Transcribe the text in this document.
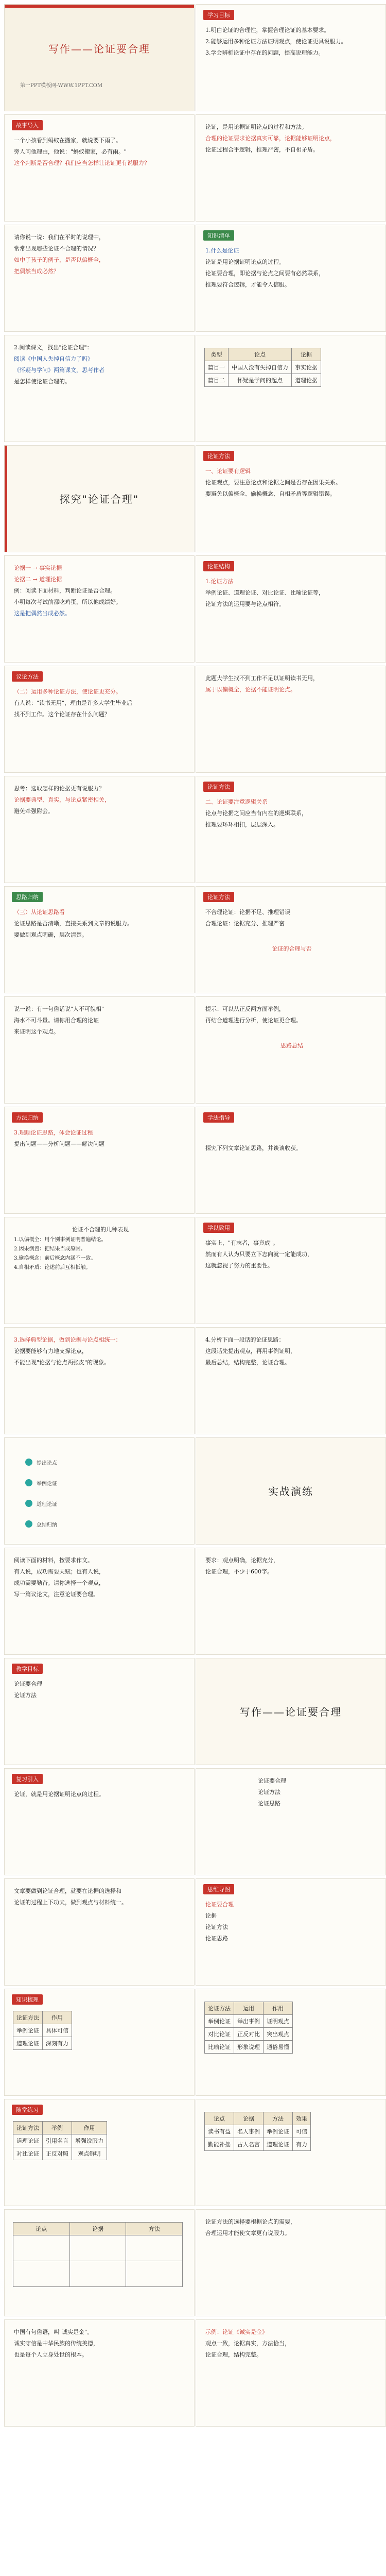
写作——论证要合理
第一PPT模板网-WWW.1PPT.COM
学习目标

1.明白论证的合理性，掌握合理论证的基本要求。

2.能够运用多种论证方法证明观点，使论证更具说服力。

3.学会辨析论证中存在的问题，提高说理能力。

故事导入

一个小孩看到蚂蚁在搬家，就说要下雨了。

旁人问他理由，他说："蚂蚁搬家，必有雨。"

这个判断是否合理？我们应当怎样让论证更有说服力？

论证，是用论据证明论点的过程和方法。

合理的论证要求论据真实可靠，论据能够证明论点，

论证过程合乎逻辑，推理严密，不自相矛盾。

请你说一说：我们在平时的说理中，

常常出现哪些论证不合理的情况？

如中了孩子的例子，是否以偏概全，

把偶然当成必然？

知识清单

1.什么是论证

论证是用论据证明论点的过程。

论证要合理，即论据与论点之间要有必然联系，

推理要符合逻辑，才能令人信服。

2.阅读课文，找出"论证合理"：

阅读《中国人失掉自信力了吗》

《怀疑与学问》两篇课文，思考作者

是怎样使论证合理的。

类型	论点	论据
篇目一	中国人没有失掉自信力	事实论据
篇目二	怀疑是学问的起点	道理论据
探究"论证合理"
论证方法

一、论证要有逻辑

论证观点，要注意论点和论据之间是否存在因果关系。

要避免以偏概全、偷换概念、自相矛盾等逻辑错误。

论据一 → 事实论据

论据二 → 道理论据

例：阅读下面材料，判断论证是否合理。

小明每次考试前都吃鸡蛋，所以他成绩好。

这是把偶然当成必然。

论证结构

1.论证方法

举例论证、道理论证、对比论证、比喻论证等，

论证方法的运用要与论点相符。

议论方法

（二）运用多种论证方法，使论证更充分。

有人说："读书无用"，理由是许多大学生毕业后

找不到工作。这个论证存在什么问题？

此题大学生找不到工作不足以证明读书无用，

属于以偏概全，论据不能证明论点。

思考：选取怎样的论据更有说服力？

论据要典型、真实，与论点紧密相关，

避免牵强附会。

论证方法

二、论证要注意逻辑关系

论点与论据之间应当有内在的逻辑联系，

推理要环环相扣，层层深入。

思路归纳

（三）从论证思路看

论证思路是否清晰，直接关系到文章的说服力。

要做到观点明确，层次清楚。

论证方法

不合理论证：论据不足、推理错误

合理论证：论据充分、推理严密

论证的合理与否

说一说：有一句俗话说"人不可貌相"

海水不可斗量。请你用合理的论证

来证明这个观点。

提示：可以从正反两方面举例，

再结合道理进行分析，使论证更合理。

思路总结

方法归纳

3.理顺论证思路，体会论证过程

提出问题——分析问题——解决问题

学法指导

探究下列文章论证思路，并谈谈收获。

论证不合理的几种表现

1.以偏概全：用个别事例证明普遍结论。

2.因果倒置：把结果当成原因。

3.偷换概念：前后概念内涵不一致。

4.自相矛盾：论述前后互相抵触。

学以致用

事实上，"有志者，事竟成"。

然而有人认为只要立下志向就一定能成功，

这就忽视了努力的重要性。

3.选择典型论据，做到论据与论点相统一：

论据要能够有力地支撑论点，

不能出现"论据与论点两张皮"的现象。

4.分析下面一段话的论证思路：

这段话先提出观点，再用事例证明，

最后总结，结构完整，论证合理。

提出论点
举例论证
道理论证
总结归纳
实战演练

阅读下面的材料，按要求作文。

有人说，成功需要天赋；也有人说，

成功需要勤奋。请你选择一个观点，

写一篇议论文，注意论证要合理。

要求：观点明确，论据充分，

论证合理，不少于600字。

教学目标

论证要合理

论证方法

写作——论证要合理
复习引入

论证，就是用论据证明论点的过程。

论证要合理

论证方法

论证思路

文章要做到论证合理，就要在论据的选择和

论证的过程上下功夫，做到观点与材料统一。

思维导图

论证要合理

论据

论证方法

论证思路

知识梳理
论证方法	作用
举例论证	具体可信
道理论证	深刻有力
论证方法	运用	作用
举例论证	举出事例	证明观点
对比论证	正反对比	突出观点
比喻论证	形象说理	通俗易懂
随堂练习
论证方法	举例	作用
道理论证	引用名言	增强说服力
对比论证	正反对照	观点鲜明
论点	论据	方法	效果
读书有益	名人事例	举例论证	可信
勤能补拙	古人名言	道理论证	有力
论点	论据	方法

论证方法的选择要根据论点的需要，

合理运用才能使文章更有说服力。

中国有句俗语，叫"诚实是金"。

诚实守信是中华民族的传统美德，

也是每个人立身处世的根本。

示例：论证《诚实是金》

观点一致，论据真实，方法恰当，

论证合理，结构完整。
